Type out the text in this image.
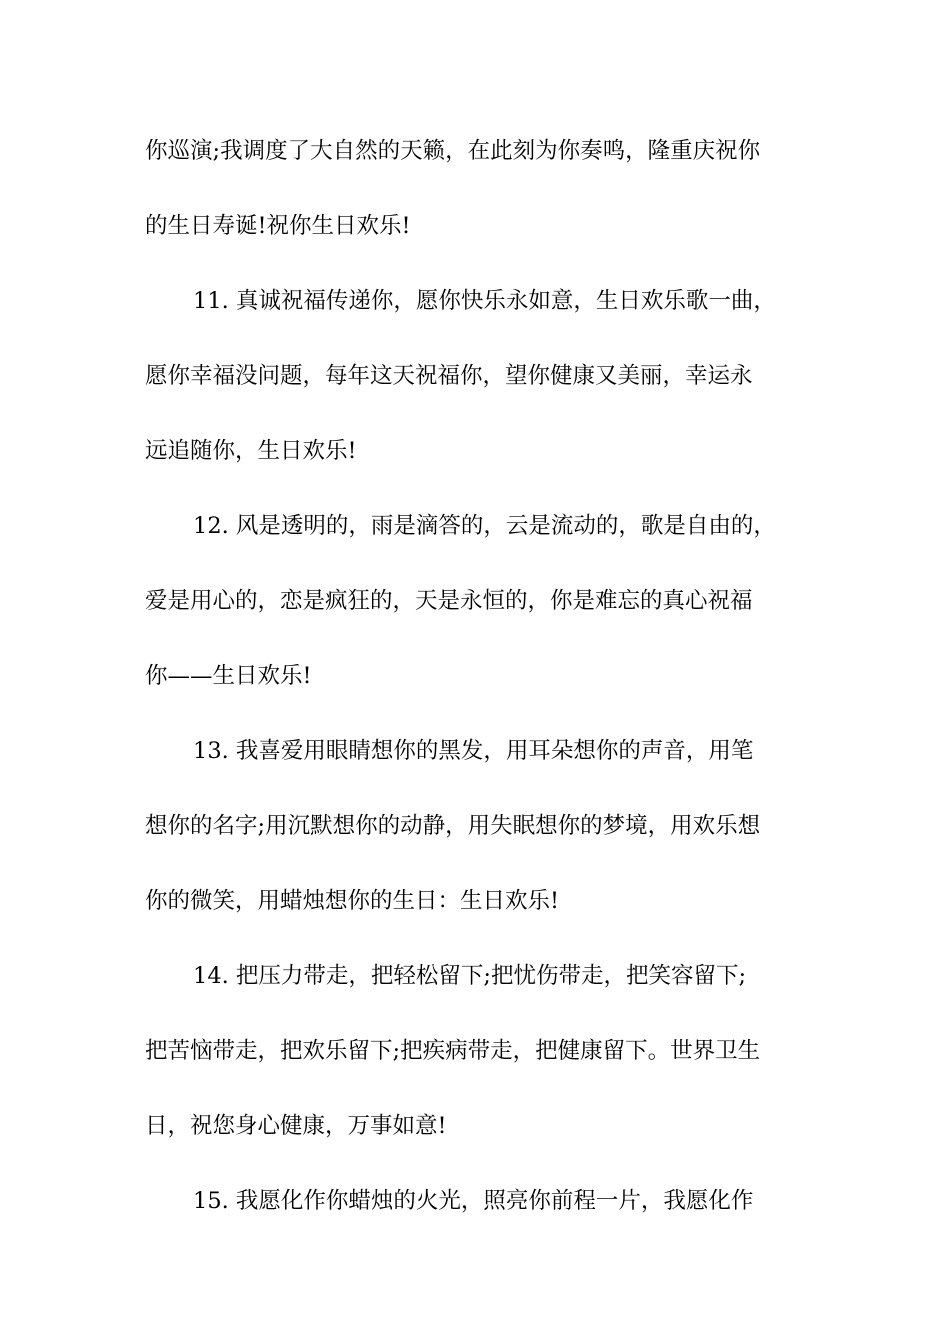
你巡演;我调度了大自然的天籁，在此刻为你奏鸣，隆重庆祝你
的生日寿诞!祝你生日欢乐!
11. 真诚祝福传递你，愿你快乐永如意，生日欢乐歌一曲，
愿你幸福没问题，每年这天祝福你，望你健康又美丽，幸运永
远追随你，生日欢乐!
12. 风是透明的，雨是滴答的，云是流动的，歌是自由的，
爱是用心的，恋是疯狂的，天是永恒的，你是难忘的真心祝福
你——生日欢乐!
13. 我喜爱用眼睛想你的黑发，用耳朵想你的声音，用笔
想你的名字;用沉默想你的动静，用失眠想你的梦境，用欢乐想
你的微笑，用蜡烛想你的生日：生日欢乐!
14. 把压力带走，把轻松留下;把忧伤带走，把笑容留下;
把苦恼带走，把欢乐留下;把疾病带走，把健康留下。世界卫生
日，祝您身心健康，万事如意!
15. 我愿化作你蜡烛的火光，照亮你前程一片，我愿化作
